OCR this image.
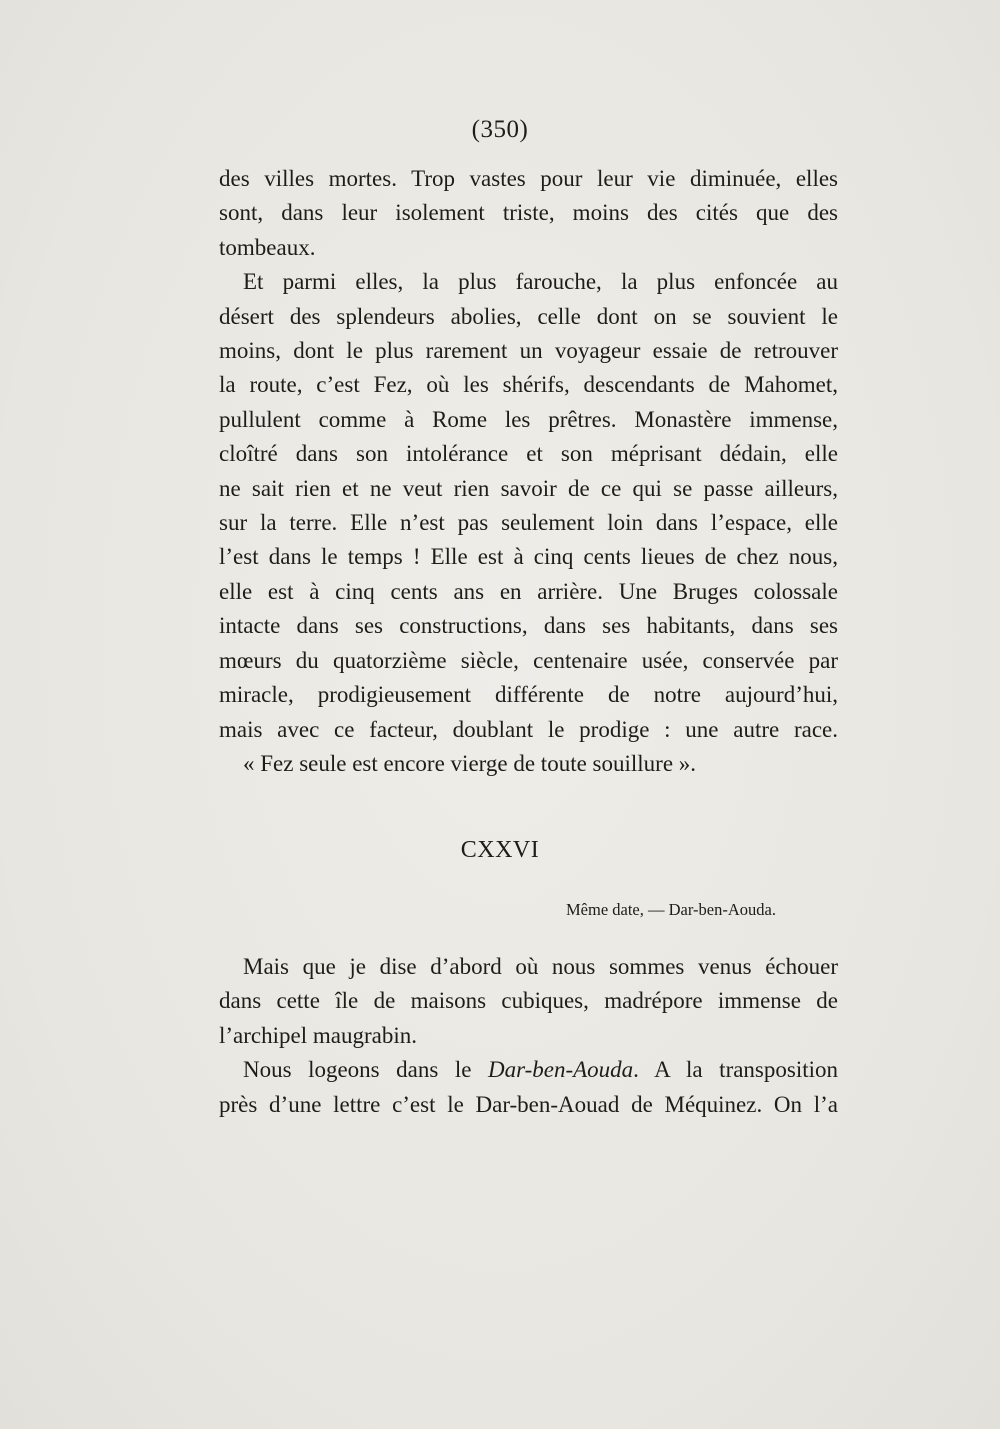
(350)

des villes mortes. Trop vastes pour leur vie diminuée, elles

sont, dans leur isolement triste, moins des cités que des

tombeaux.

Et parmi elles, la plus farouche, la plus enfoncée au

désert des splendeurs abolies, celle dont on se souvient le

moins, dont le plus rarement un voyageur essaie de retrouver

la route, c’est Fez, où les shérifs, descendants de Mahomet,

pullulent comme à Rome les prêtres. Monastère immense,

cloîtré dans son intolérance et son méprisant dédain, elle

ne sait rien et ne veut rien savoir de ce qui se passe ailleurs,

sur la terre. Elle n’est pas seulement loin dans l’espace, elle

l’est dans le temps ! Elle est à cinq cents lieues de chez nous,

elle est à cinq cents ans en arrière. Une Bruges colossale

intacte dans ses constructions, dans ses habitants, dans ses

mœurs du quatorzième siècle, centenaire usée, conservée par

miracle, prodigieusement différente de notre aujourd’hui,

mais avec ce facteur, doublant le prodige : une autre race.

« Fez seule est encore vierge de toute souillure ».

CXXVI
Même date, — Dar-ben-Aouda.

Mais que je dise d’abord où nous sommes venus échouer

dans cette île de maisons cubiques, madrépore immense de

l’archipel maugrabin.

Nous logeons dans le Dar-ben-Aouda. A la transposition

près d’une lettre c’est le Dar-ben-Aouad de Méquinez. On l’a
